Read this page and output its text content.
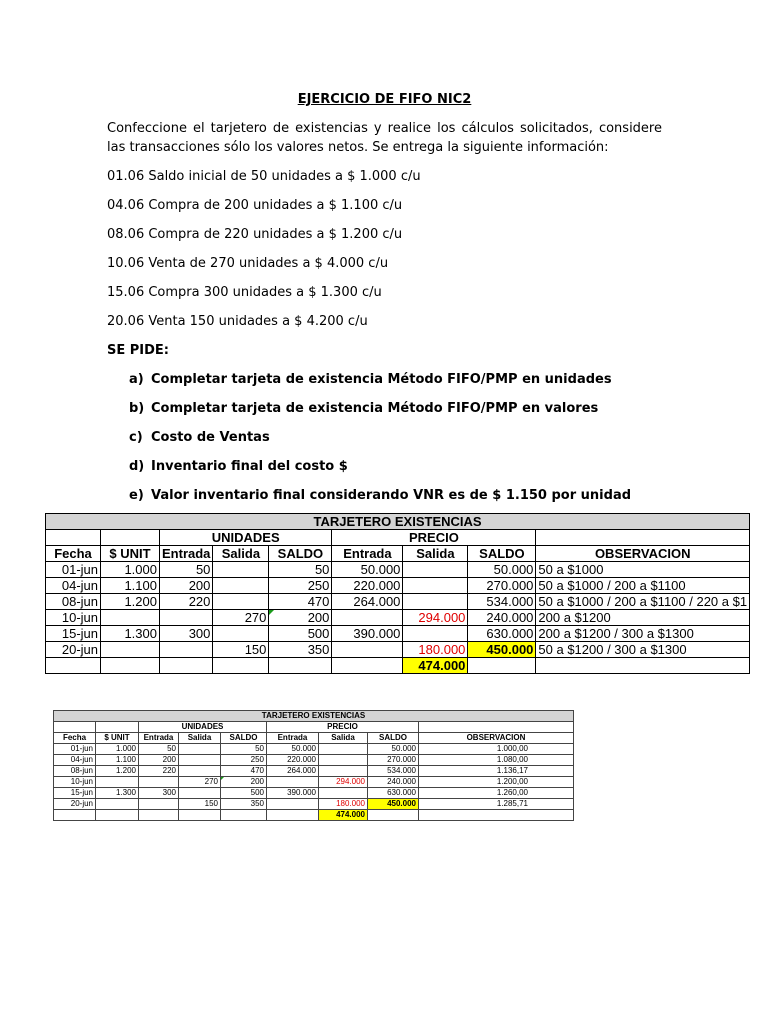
EJERCICIO DE FIFO NIC2
Confeccione el tarjetero de existencias y realice los cálculos solicitados, considere las transacciones sólo los valores netos. Se entrega la siguiente información:
01.06 Saldo inicial de 50 unidades a $ 1.000 c/u
04.06 Compra de 200 unidades a $ 1.100 c/u
08.06 Compra de 220 unidades a $ 1.200 c/u
10.06 Venta de 270 unidades a $ 4.000 c/u
15.06 Compra 300 unidades a $ 1.300 c/u
20.06 Venta 150 unidades a $ 4.200 c/u
SE PIDE:
a) Completar tarjeta de existencia Método FIFO/PMP en unidades
b) Completar tarjeta de existencia Método FIFO/PMP en valores
c) Costo de Ventas
d) Inventario final del costo $
e) Valor inventario final considerando VNR es de $ 1.150 por unidad
TARJETERO EXISTENCIAS								
		UNIDADES			PRECIO			
Fecha	$ UNIT	Entrada	Salida	SALDO	Entrada	Salida	SALDO	OBSERVACION
01-jun	1.000	50		50	50.000		50.000	50 a $1000
04-jun	1.100	200		250	220.000		270.000	50 a $1000 / 200 a $1100
08-jun	1.200	220		470	264.000		534.000	50 a $1000 / 200 a $1100 / 220 a $1
10-jun			270	200		294.000	240.000	200 a $1200
15-jun	1.300	300		500	390.000		630.000	200 a $1200 / 300 a $1300
20-jun			150	350		180.000	450.000	50 a $1200 / 300 a $1300
						474.000		
TARJETERO EXISTENCIAS								
		UNIDADES			PRECIO			
Fecha	$ UNIT	Entrada	Salida	SALDO	Entrada	Salida	SALDO	OBSERVACION
01-jun	1.000	50		50	50.000		50.000	1.000,00
04-jun	1.100	200		250	220.000		270.000	1.080,00
08-jun	1.200	220		470	264.000		534.000	1.136,17
10-jun			270	200		294.000	240.000	1.200,00
15-jun	1.300	300		500	390.000		630.000	1.260,00
20-jun			150	350		180.000	450.000	1.285,71
						474.000		
